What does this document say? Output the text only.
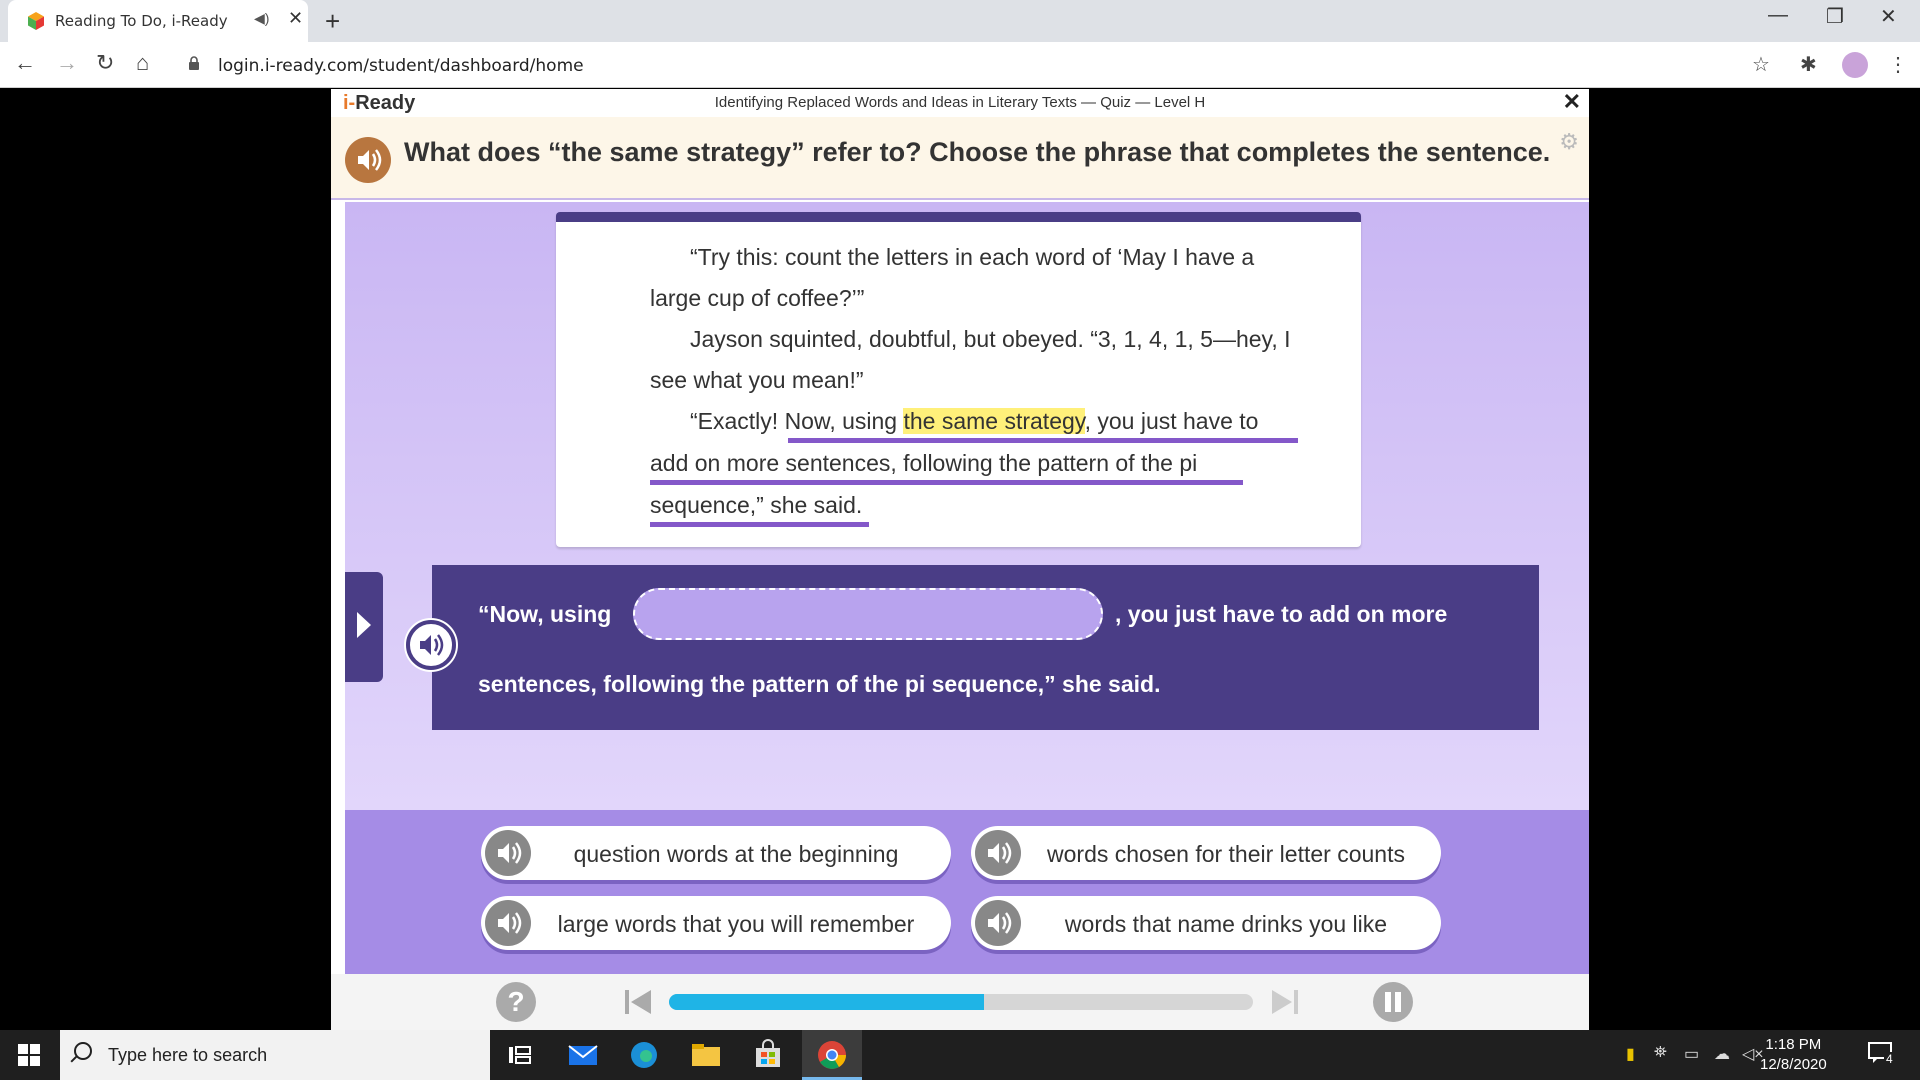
Reading To Do, i-Ready ◀) ✕ +	— ❐ ✕
← → ↻ ⌂	login.i-ready.com/student/dashboard/home	☆ ✱	⋮
i-Ready	Identifying Replaced Words and Ideas in Literary Texts — Quiz — Level H	✕
What does “the same strategy” refer to? Choose the phrase that completes the sentence. ⚙
“Try this: count the letters in each word of ‘May I have a
large cup of coffee?’”
Jayson squinted, doubtful, but obeyed. “3, 1, 4, 1, 5—hey, I
see what you mean!”
“Exactly! Now, using the same strategy, you just have to
add on more sentences, following the pattern of the pi
sequence,” she said.
“Now, using	, you just have to add on more
sentences, following the pattern of the pi sequence,” she said.
question words at the beginning	words chosen for their letter counts
large words that you will remember	words that name drinks you like
?
Type here to search	▮ ⛯ ▭ ☁ ◁×
1:18 PM
12/8/2020	4
